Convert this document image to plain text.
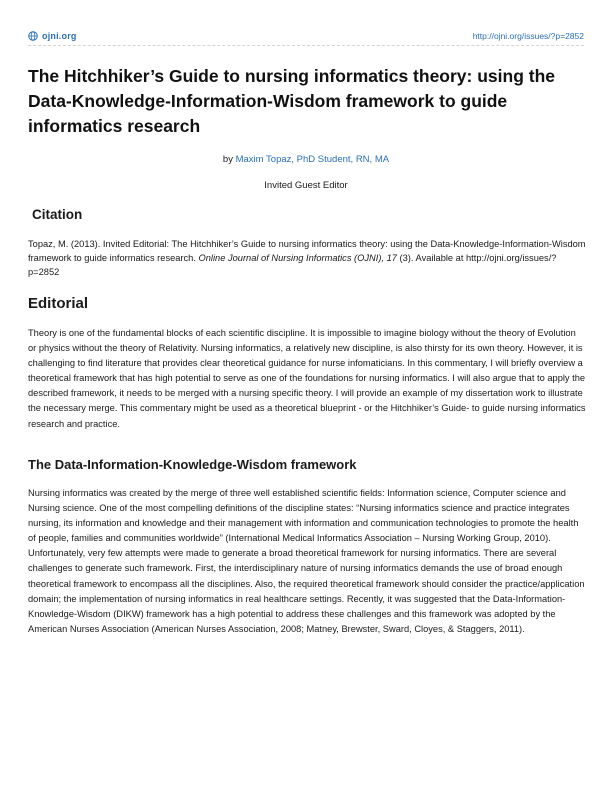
ojni.org	http://ojni.org/issues/?p=2852
The Hitchhiker’s Guide to nursing informatics theory: using the Data-Knowledge-Information-Wisdom framework to guide informatics research
by Maxim Topaz, PhD Student, RN, MA
Invited Guest Editor
Citation

Topaz, M. (2013). Invited Editorial: The Hitchhiker’s Guide to nursing informatics theory: using the Data-Knowledge-Information-Wisdom framework to guide informatics research. Online Journal of Nursing Informatics (OJNI), 17 (3). Available at http://ojni.org/issues/?p=2852

Editorial

Theory is one of the fundamental blocks of each scientific discipline. It is impossible to imagine biology without the theory of Evolution or physics without the theory of Relativity. Nursing informatics, a relatively new discipline, is also thirsty for its own theory. However, it is challenging to find literature that provides clear theoretical guidance for nurse infomaticians. In this commentary, I will briefly overview a theoretical framework that has high potential to serve as one of the foundations for nursing informatics. I will also argue that to apply the described framework, it needs to be merged with a nursing specific theory. I will provide an example of my dissertation work to illustrate the necessary merge. This commentary might be used as a theoretical blueprint - or the Hitchhiker’s Guide- to guide nursing informatics research and practice.

The Data-Information-Knowledge-Wisdom framework

Nursing informatics was created by the merge of three well established scientific fields: Information science, Computer science and Nursing science. One of the most compelling definitions of the discipline states: “Nursing informatics science and practice integrates nursing, its information and knowledge and their management with information and communication technologies to promote the health of people, families and communities worldwide” (International Medical Informatics Association – Nursing Working Group, 2010). Unfortunately, very few attempts were made to generate a broad theoretical framework for nursing informatics. There are several challenges to generate such framework. First, the interdisciplinary nature of nursing informatics demands the use of broad enough theoretical framework to encompass all the disciplines. Also, the required theoretical framework should consider the practice/application domain; the implementation of nursing informatics in real healthcare settings. Recently, it was suggested that the Data-Information-Knowledge-Wisdom (DIKW) framework has a high potential to address these challenges and this framework was adopted by the American Nurses Association (American Nurses Association, 2008; Matney, Brewster, Sward, Cloyes, & Staggers, 2011).
